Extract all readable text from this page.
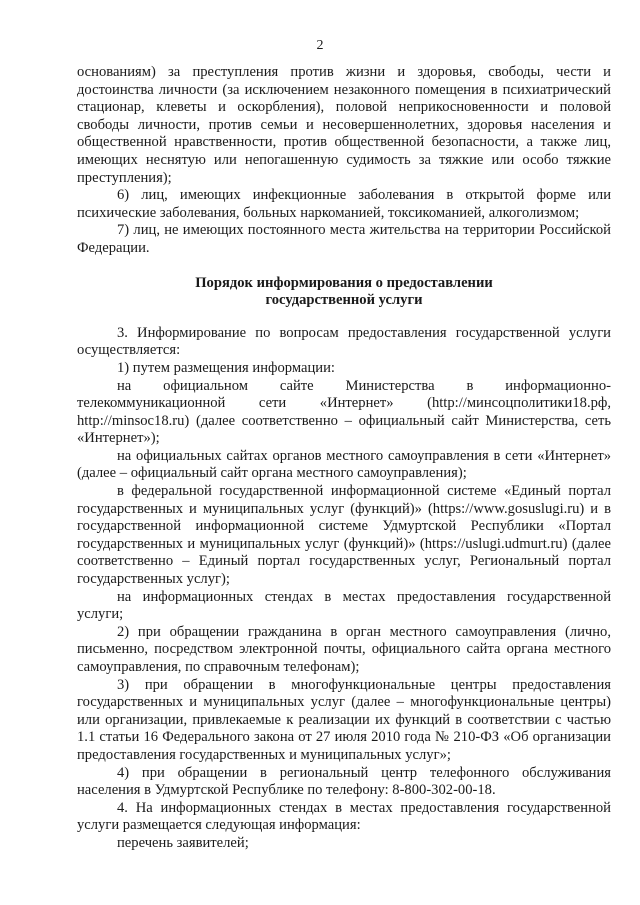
2

основаниям) за преступления против жизни и здоровья, свободы, чести и достоинства личности (за исключением незаконного помещения в психиатрический стационар, клеветы и оскорбления), половой неприкосновенности и половой свободы личности, против семьи и несовершеннолетних, здоровья населения и общественной нравственности, против общественной безопасности, а также лиц, имеющих неснятую или непогашенную судимость за тяжкие или особо тяжкие преступления);

6) лиц, имеющих инфекционные заболевания в открытой форме или психические заболевания, больных наркоманией, токсикоманией, алкоголизмом;

7) лиц, не имеющих постоянного места жительства на территории Российской Федерации.

Порядок информирования о предоставлении

государственной услуги

3. Информирование по вопросам предоставления государственной услуги осуществляется:

1) путем размещения информации:

на официальном сайте Министерства в информационно-телекоммуникационной сети «Интернет» (http://минсоцполитики18.рф, http://minsoc18.ru) (далее соответственно – официальный сайт Министерства, сеть «Интернет»);

на официальных сайтах органов местного самоуправления в сети «Интернет» (далее – официальный сайт органа местного самоуправления);

в федеральной государственной информационной системе «Единый портал государственных и муниципальных услуг (функций)» (https://www.gosuslugi.ru) и в государственной информационной системе Удмуртской Республики «Портал государственных и муниципальных услуг (функций)» (https://uslugi.udmurt.ru) (далее соответственно – Единый портал государственных услуг, Региональный портал государственных услуг);

на информационных стендах в местах предоставления государственной услуги;

2) при обращении гражданина в орган местного самоуправления (лично, письменно, посредством электронной почты, официального сайта органа местного самоуправления, по справочным телефонам);

3) при обращении в многофункциональные центры предоставления государственных и муниципальных услуг (далее – многофункциональные центры) или организации, привлекаемые к реализации их функций в соответствии с частью 1.1 статьи 16 Федерального закона от 27 июля 2010 года № 210-ФЗ «Об организации предоставления государственных и муниципальных услуг»;

4) при обращении в региональный центр телефонного обслуживания населения в Удмуртской Республике по телефону: 8-800-302-00-18.

4. На информационных стендах в местах предоставления государственной услуги размещается следующая информация:

перечень заявителей;
